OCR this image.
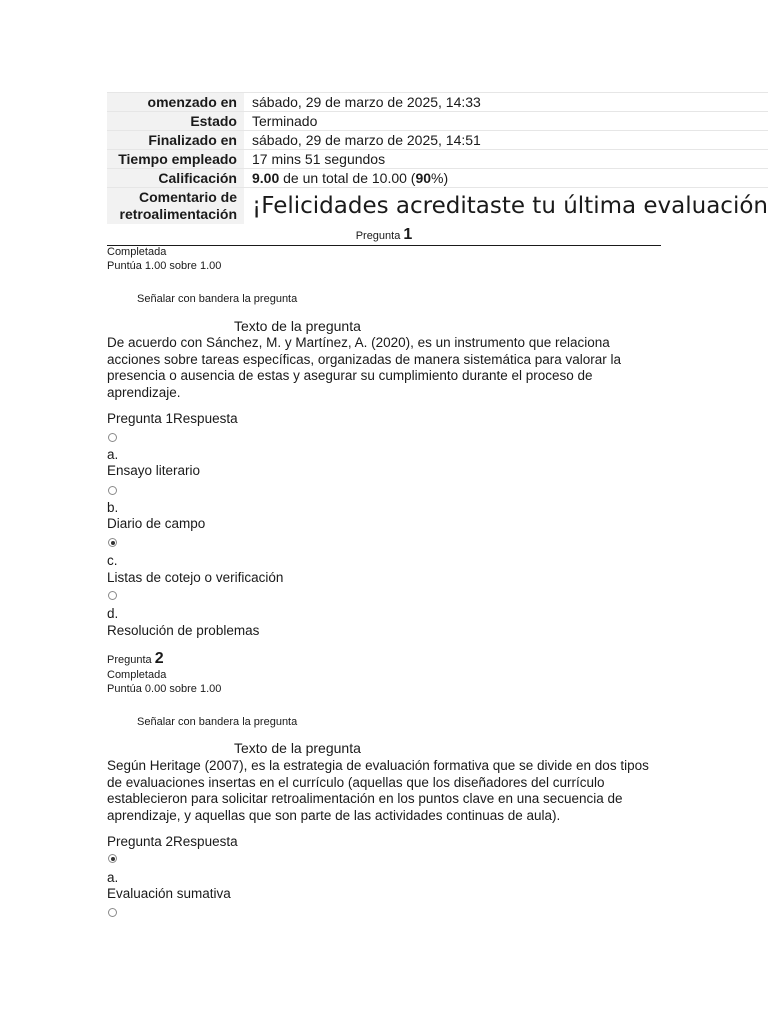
omenzado en	sábado, 29 de marzo de 2025, 14:33
Estado	Terminado
Finalizado en	sábado, 29 de marzo de 2025, 14:51
Tiempo empleado	17 mins 51 segundos
Calificación	9.00 de un total de 10.00 (90%)
Comentario de
retroalimentación	¡Felicidades acreditaste tu última evaluación
Pregunta 1
Completada
Puntúa 1.00 sobre 1.00
Señalar con bandera la pregunta
Texto de la pregunta
De acuerdo con Sánchez, M. y Martínez, A. (2020), es un instrumento que relaciona acciones sobre tareas específicas, organizadas de manera sistemática para valorar la presencia o ausencia de estas y asegurar su cumplimiento durante el proceso de aprendizaje.
Pregunta 1Respuesta
a.
Ensayo literario
b.
Diario de campo
c.
Listas de cotejo o verificación
d.
Resolución de problemas
Pregunta 2
Completada
Puntúa 0.00 sobre 1.00
Señalar con bandera la pregunta
Texto de la pregunta
Según Heritage (2007), es la estrategia de evaluación formativa que se divide en dos tipos de evaluaciones insertas en el currículo (aquellas que los diseñadores del currículo establecieron para solicitar retroalimentación en los puntos clave en una secuencia de aprendizaje, y aquellas que son parte de las actividades continuas de aula).
Pregunta 2Respuesta
a.
Evaluación sumativa
